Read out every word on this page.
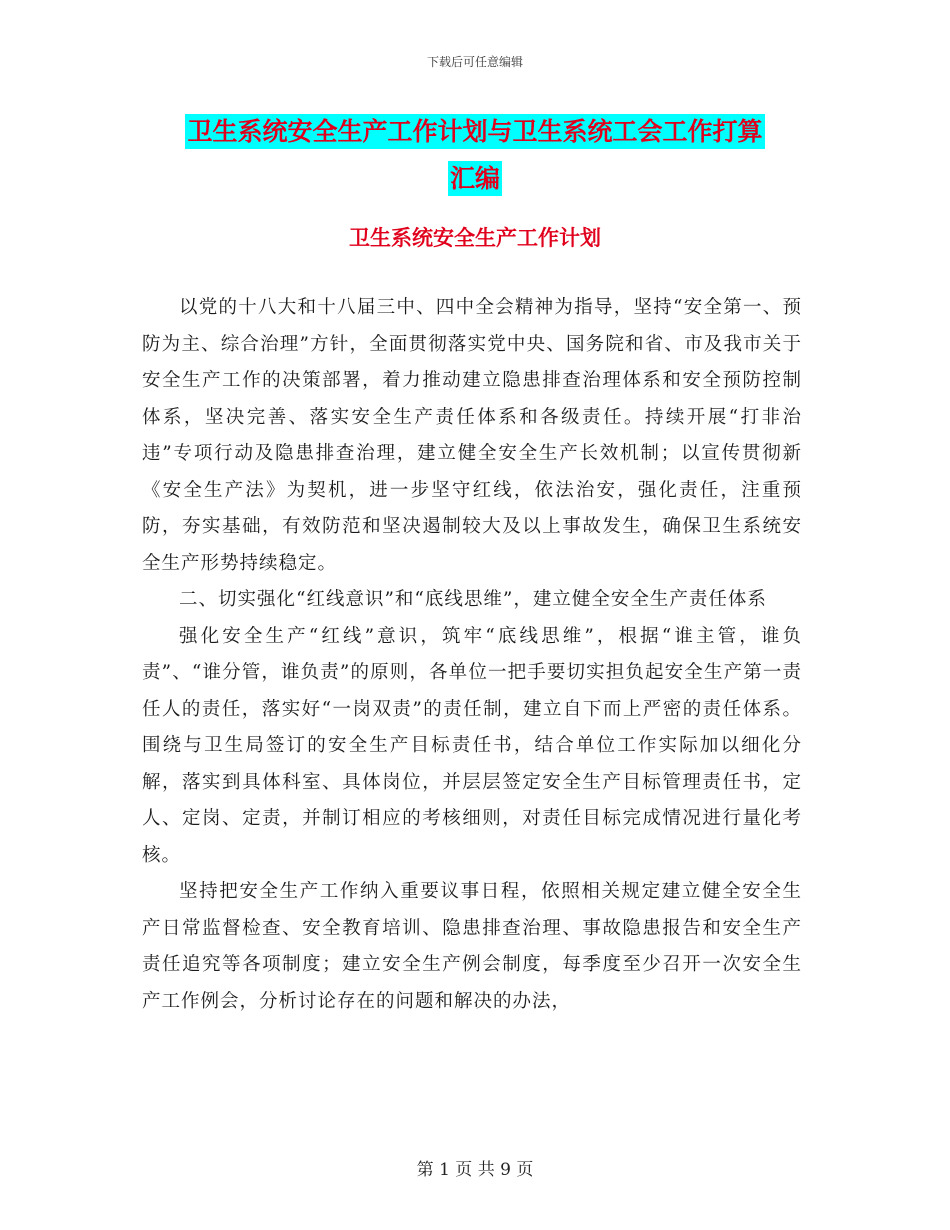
下载后可任意编辑
卫生系统安全生产工作计划与卫生系统工会工作打算
汇编
卫生系统安全生产工作计划

以党的十八大和十八届三中、四中全会精神为指导，坚持“安全第一、预防为主、综合治理”方针，全面贯彻落实党中央、国务院和省、市及我市关于安全生产工作的决策部署，着力推动建立隐患排查治理体系和安全预防控制体系，坚决完善、落实安全生产责任体系和各级责任。持续开展“打非治违”专项行动及隐患排查治理，建立健全安全生产长效机制；以宣传贯彻新《安全生产法》为契机，进一步坚守红线，依法治安，强化责任，注重预防，夯实基础，有效防范和坚决遏制较大及以上事故发生，确保卫生系统安全生产形势持续稳定。

二、切实强化“红线意识”和“底线思维”，建立健全安全生产责任体系

强化安全生产“红线”意识，筑牢“底线思维”，根据“谁主管，谁负责”、“谁分管，谁负责”的原则，各单位一把手要切实担负起安全生产第一责任人的责任，落实好“一岗双责”的责任制，建立自下而上严密的责任体系。围绕与卫生局签订的安全生产目标责任书，结合单位工作实际加以细化分解，落实到具体科室、具体岗位，并层层签定安全生产目标管理责任书，定人、定岗、定责，并制订相应的考核细则，对责任目标完成情况进行量化考核。

坚持把安全生产工作纳入重要议事日程，依照相关规定建立健全安全生产日常监督检查、安全教育培训、隐患排查治理、事故隐患报告和安全生产责任追究等各项制度；建立安全生产例会制度，每季度至少召开一次安全生产工作例会，分析讨论存在的问题和解决的办法，

第 1 页 共 9 页
